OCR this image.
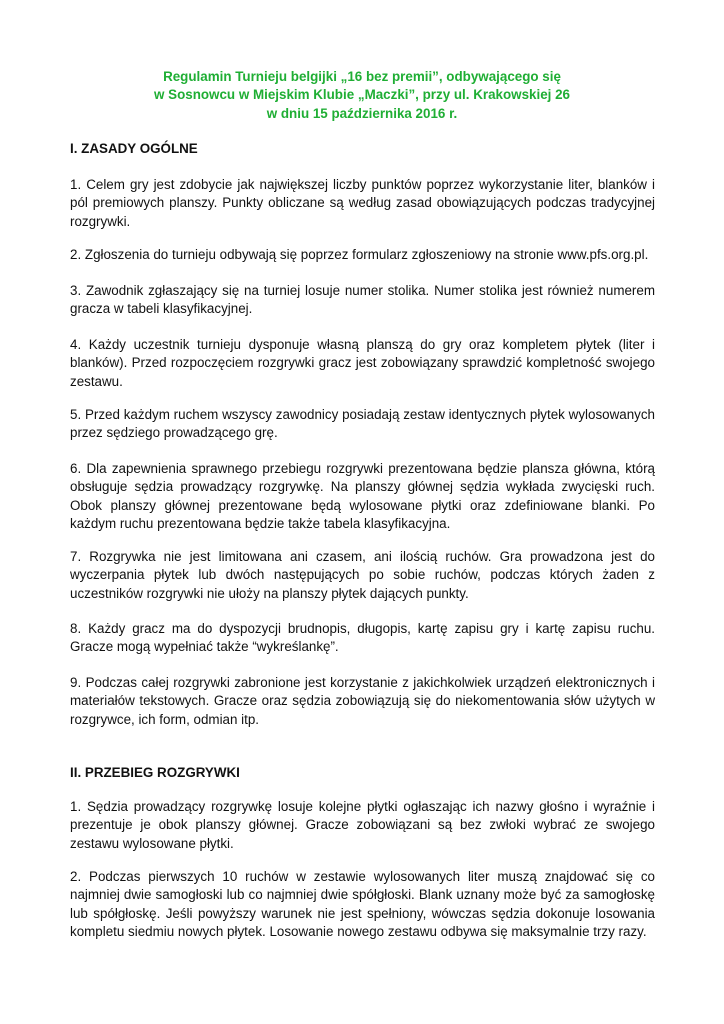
Regulamin Turnieju belgijki „16 bez premii”, odbywającego się
w Sosnowcu w Miejskim Klubie „Maczki”, przy ul. Krakowskiej 26
w dniu 15 października 2016 r.
I. ZASADY OGÓLNE
1. Celem gry jest zdobycie jak największej liczby punktów poprzez wykorzystanie liter, blanków i pól premiowych planszy. Punkty obliczane są według zasad obowiązujących podczas tradycyjnej rozgrywki.
2. Zgłoszenia do turnieju odbywają się poprzez formularz zgłoszeniowy na stronie www.pfs.org.pl.
3. Zawodnik zgłaszający się na turniej losuje numer stolika. Numer stolika jest również numerem gracza w tabeli klasyfikacyjnej.
4. Każdy uczestnik turnieju dysponuje własną planszą do gry oraz kompletem płytek (liter i blanków). Przed rozpoczęciem rozgrywki gracz jest zobowiązany sprawdzić kompletność swojego zestawu.
5. Przed każdym ruchem wszyscy zawodnicy posiadają zestaw identycznych płytek wylosowanych przez sędziego prowadzącego grę.
6. Dla zapewnienia sprawnego przebiegu rozgrywki prezentowana będzie plansza główna, którą obsługuje sędzia prowadzący rozgrywkę. Na planszy głównej sędzia wykłada zwycięski ruch. Obok planszy głównej prezentowane będą wylosowane płytki oraz zdefiniowane blanki. Po każdym ruchu prezentowana będzie także tabela klasyfikacyjna.
7. Rozgrywka nie jest limitowana ani czasem, ani ilością ruchów. Gra prowadzona jest do wyczerpania płytek lub dwóch następujących po sobie ruchów, podczas których żaden z uczestników rozgrywki nie ułoży na planszy płytek dających punkty.
8. Każdy gracz ma do dyspozycji brudnopis, długopis, kartę zapisu gry i kartę zapisu ruchu. Gracze mogą wypełniać także “wykreślankę”.
9. Podczas całej rozgrywki zabronione jest korzystanie z jakichkolwiek urządzeń elektronicznych i materiałów tekstowych. Gracze oraz sędzia zobowiązują się do niekomentowania słów użytych w rozgrywce, ich form, odmian itp.
II. PRZEBIEG ROZGRYWKI
1. Sędzia prowadzący rozgrywkę losuje kolejne płytki ogłaszając ich nazwy głośno i wyraźnie i prezentuje je obok planszy głównej. Gracze zobowiązani są bez zwłoki wybrać ze swojego zestawu wylosowane płytki.
2. Podczas pierwszych 10 ruchów w zestawie wylosowanych liter muszą znajdować się co najmniej dwie samogłoski lub co najmniej dwie spółgłoski. Blank uznany może być za samogłoskę lub spółgłoskę. Jeśli powyższy warunek nie jest spełniony, wówczas sędzia dokonuje losowania kompletu siedmiu nowych płytek. Losowanie nowego zestawu odbywa się maksymalnie trzy razy.
